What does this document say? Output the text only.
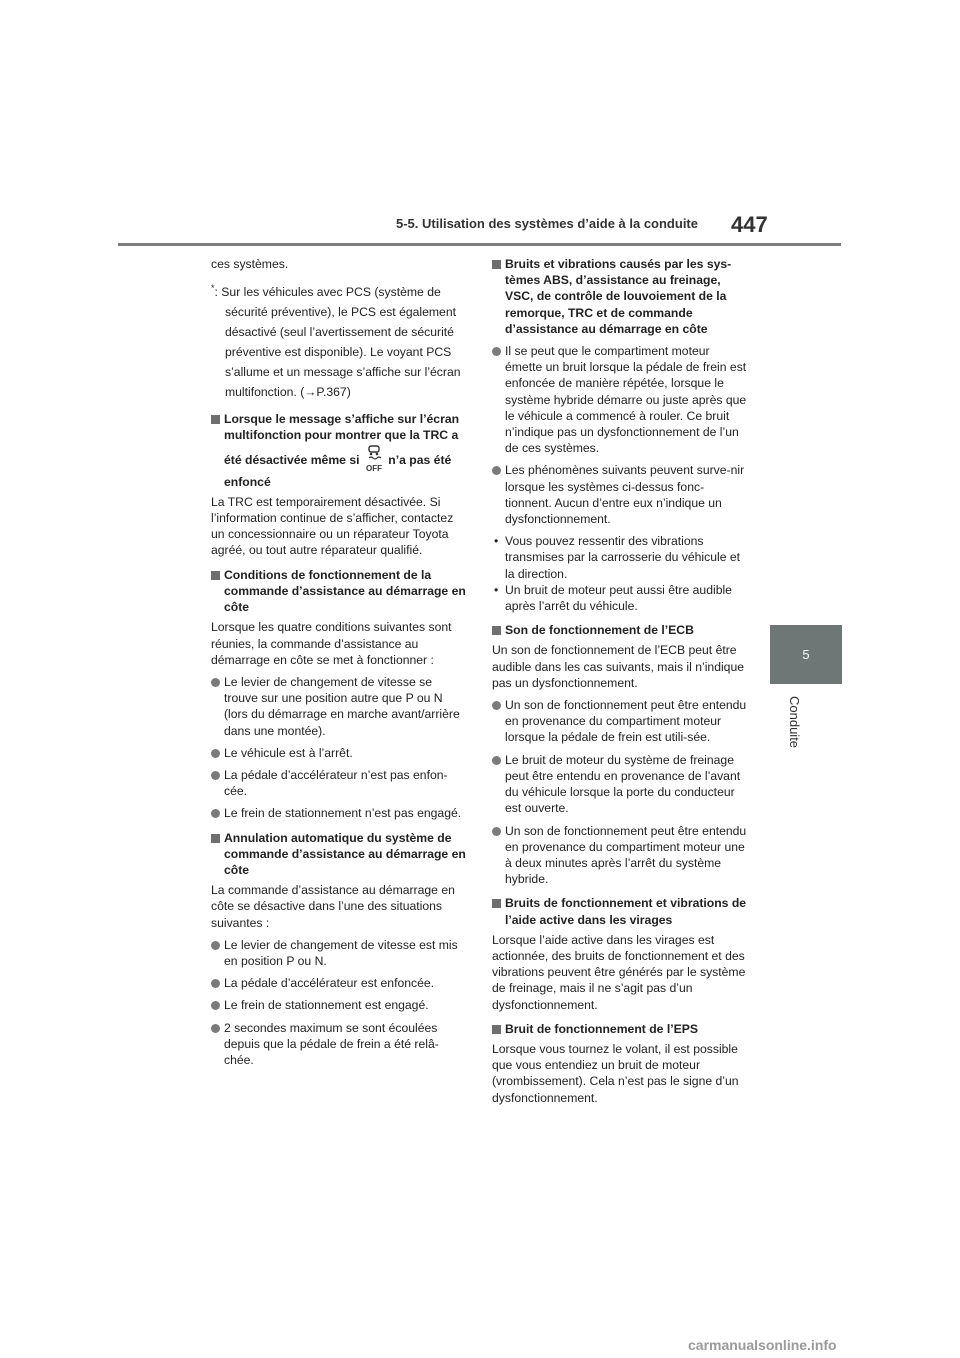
5-5. Utilisation des systèmes d’aide à la conduite 447
5
Conduite

ces systèmes.

*: Sur les véhicules avec PCS (système de sécurité préventive), le PCS est également désactivé (seul l’avertissement de sécurité préventive est disponible). Le voyant PCS s’allume et un message s’affiche sur l’écran multifonction. (→P.367)

Lorsque le message s’affiche sur l’écran multifonction pour montrer que la TRC a été désactivée même si
OFF
n’a pas été enfoncé

La TRC est temporairement désactivée. Si l’information continue de s’afficher, contactez un concessionnaire ou un réparateur Toyota agréé, ou tout autre réparateur qualifié.

Conditions de fonctionnement de la commande d’assistance au démarrage en côte

Lorsque les quatre conditions suivantes sont réunies, la commande d’assistance au démarrage en côte se met à fonctionner :

Le levier de changement de vitesse se trouve sur une position autre que P ou N (lors du démarrage en marche avant/arrière dans une montée).
Le véhicule est à l’arrêt.
La pédale d’accélérateur n’est pas enfon-cée.
Le frein de stationnement n’est pas engagé.
Annulation automatique du système de commande d’assistance au démarrage en côte

La commande d’assistance au démarrage en côte se désactive dans l’une des situations suivantes :

Le levier de changement de vitesse est mis en position P ou N.
La pédale d’accélérateur est enfoncée.
Le frein de stationnement est engagé.
2 secondes maximum se sont écoulées depuis que la pédale de frein a été relâ-chée.
Bruits et vibrations causés par les sys-tèmes ABS, d’assistance au freinage, VSC, de contrôle de louvoiement de la remorque, TRC et de commande d’assistance au démarrage en côte
Il se peut que le compartiment moteur émette un bruit lorsque la pédale de frein est enfoncée de manière répétée, lorsque le système hybride démarre ou juste après que le véhicule a commencé à rouler. Ce bruit n’indique pas un dysfonctionnement de l’un de ces systèmes.
Les phénomènes suivants peuvent surve-nir lorsque les systèmes ci-dessus fonc-tionnent. Aucun d’entre eux n’indique un dysfonctionnement.
• Vous pouvez ressentir des vibrations transmises par la carrosserie du véhicule et la direction.
• Un bruit de moteur peut aussi être audible après l’arrêt du véhicule.
Son de fonctionnement de l’ECB

Un son de fonctionnement de l’ECB peut être audible dans les cas suivants, mais il n’indique pas un dysfonctionnement.

Un son de fonctionnement peut être entendu en provenance du compartiment moteur lorsque la pédale de frein est utili-sée.
Le bruit de moteur du système de freinage peut être entendu en provenance de l’avant du véhicule lorsque la porte du conducteur est ouverte.
Un son de fonctionnement peut être entendu en provenance du compartiment moteur une à deux minutes après l’arrêt du système hybride.
Bruits de fonctionnement et vibrations de l’aide active dans les virages

Lorsque l’aide active dans les virages est actionnée, des bruits de fonctionnement et des vibrations peuvent être générés par le système de freinage, mais il ne s’agit pas d’un dysfonctionnement.

Bruit de fonctionnement de l’EPS

Lorsque vous tournez le volant, il est possible que vous entendiez un bruit de moteur (vrombissement). Cela n’est pas le signe d’un dysfonctionnement.

carmanualsonline.info
